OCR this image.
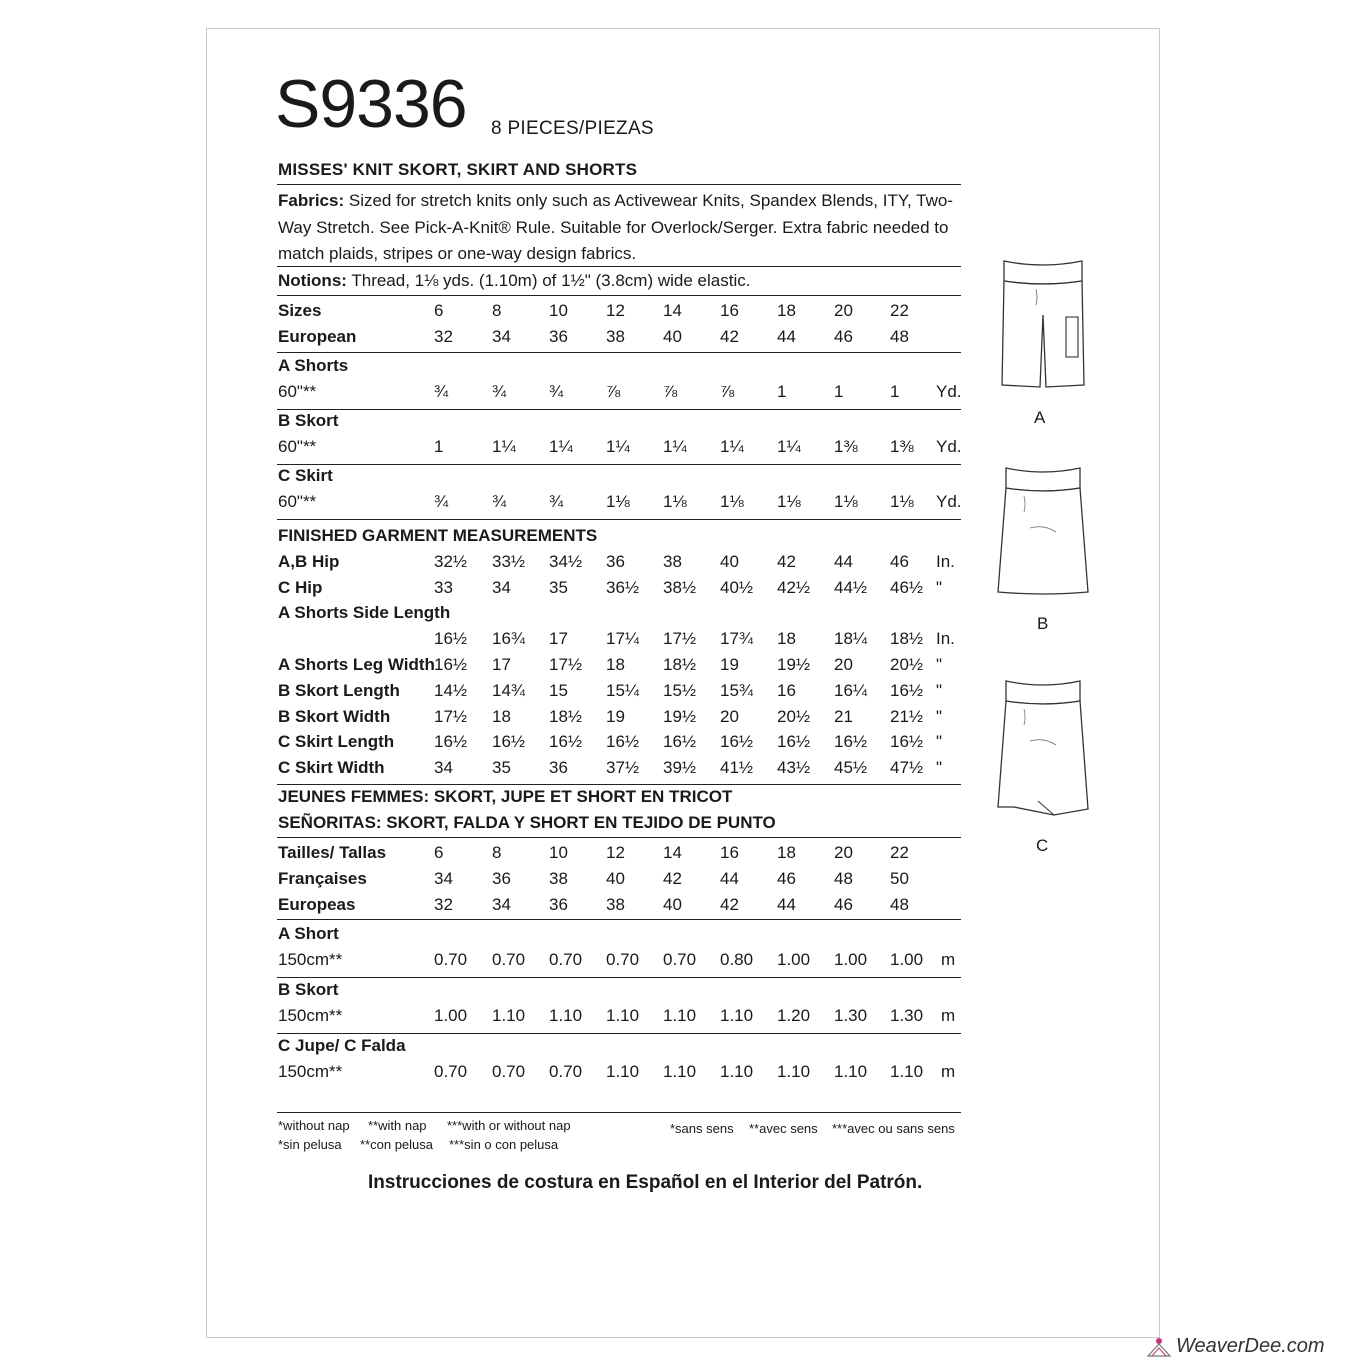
S9336 8 PIECES/PIEZAS
MISSES' KNIT SKORT, SKIRT AND SHORTS
Fabrics: Sized for stretch knits only such as Activewear Knits, Spandex Blends, ITY, Two-Way Stretch. See Pick-A-Knit® Rule. Suitable for Overlock/Serger. Extra fabric needed to match plaids, stripes or one-way design fabrics.
Notions: Thread, 1⅛ yds. (1.10m) of 1½" (3.8cm) wide elastic.
Sizes	6	8	10 12 14 16 18 20 22
European	32 34 36 38 40 42 44 46 48
A Shorts
60"**	¾	¾	¾	⅞	⅞	⅞	1	1	1 Yd.
B Skort
60"**	1	1¼ 1¼ 1¼ 1¼ 1¼ 1¼ 1⅜ 1⅜ Yd.
C Skirt
60"**	¾	¾	¾	1⅛ 1⅛ 1⅛ 1⅛ 1⅛ 1⅛ Yd.
FINISHED GARMENT MEASUREMENTS
A,B Hip	32½ 33½ 34½ 36 38 40 42 44 46 In.
C Hip	33 34 35 36½ 38½ 40½ 42½ 44½ 46½ "
A Shorts Side Length
16½ 16¾ 17 17¼ 17½ 17¾ 18 18¼ 18½ In.
A Shorts Leg Width 16½ 17 17½ 18 18½ 19 19½ 20 20½ "
B Skort Length 14½ 14¾ 15 15¼ 15½ 15¾ 16 16¼ 16½ "
B Skort Width	17½ 18 18½ 19 19½ 20 20½ 21 21½ "
C Skirt Length 16½ 16½ 16½ 16½ 16½ 16½ 16½ 16½ 16½ "
C Skirt Width	34 35 36 37½ 39½ 41½ 43½ 45½ 47½ "
JEUNES FEMMES: SKORT, JUPE ET SHORT EN TRICOT
SEÑORITAS: SKORT, FALDA Y SHORT EN TEJIDO DE PUNTO
Tailles/ Tallas	6	8	10 12 14 16 18 20 22
Françaises	34 36 38 40 42 44 46 48 50
Europeas	32 34 36 38 40 42 44 46 48
A Short
150cm**	0.70 0.70 0.70 0.70 0.70 0.80 1.00 1.00 1.00 m
B Skort
150cm**	1.00 1.10 1.10 1.10 1.10 1.10 1.20 1.30 1.30 m
C Jupe/ C Falda
150cm**	0.70 0.70 0.70 1.10 1.10 1.10 1.10 1.10 1.10 m
*without nap **with nap ***with or without nap
*sin pelusa **con pelusa ***sin o con pelusa
*sans sens **avec sens ***avec ou sans sens
Instrucciones de costura en Español en el Interior del Patrón.
A
B
C
WeaverDee.com
